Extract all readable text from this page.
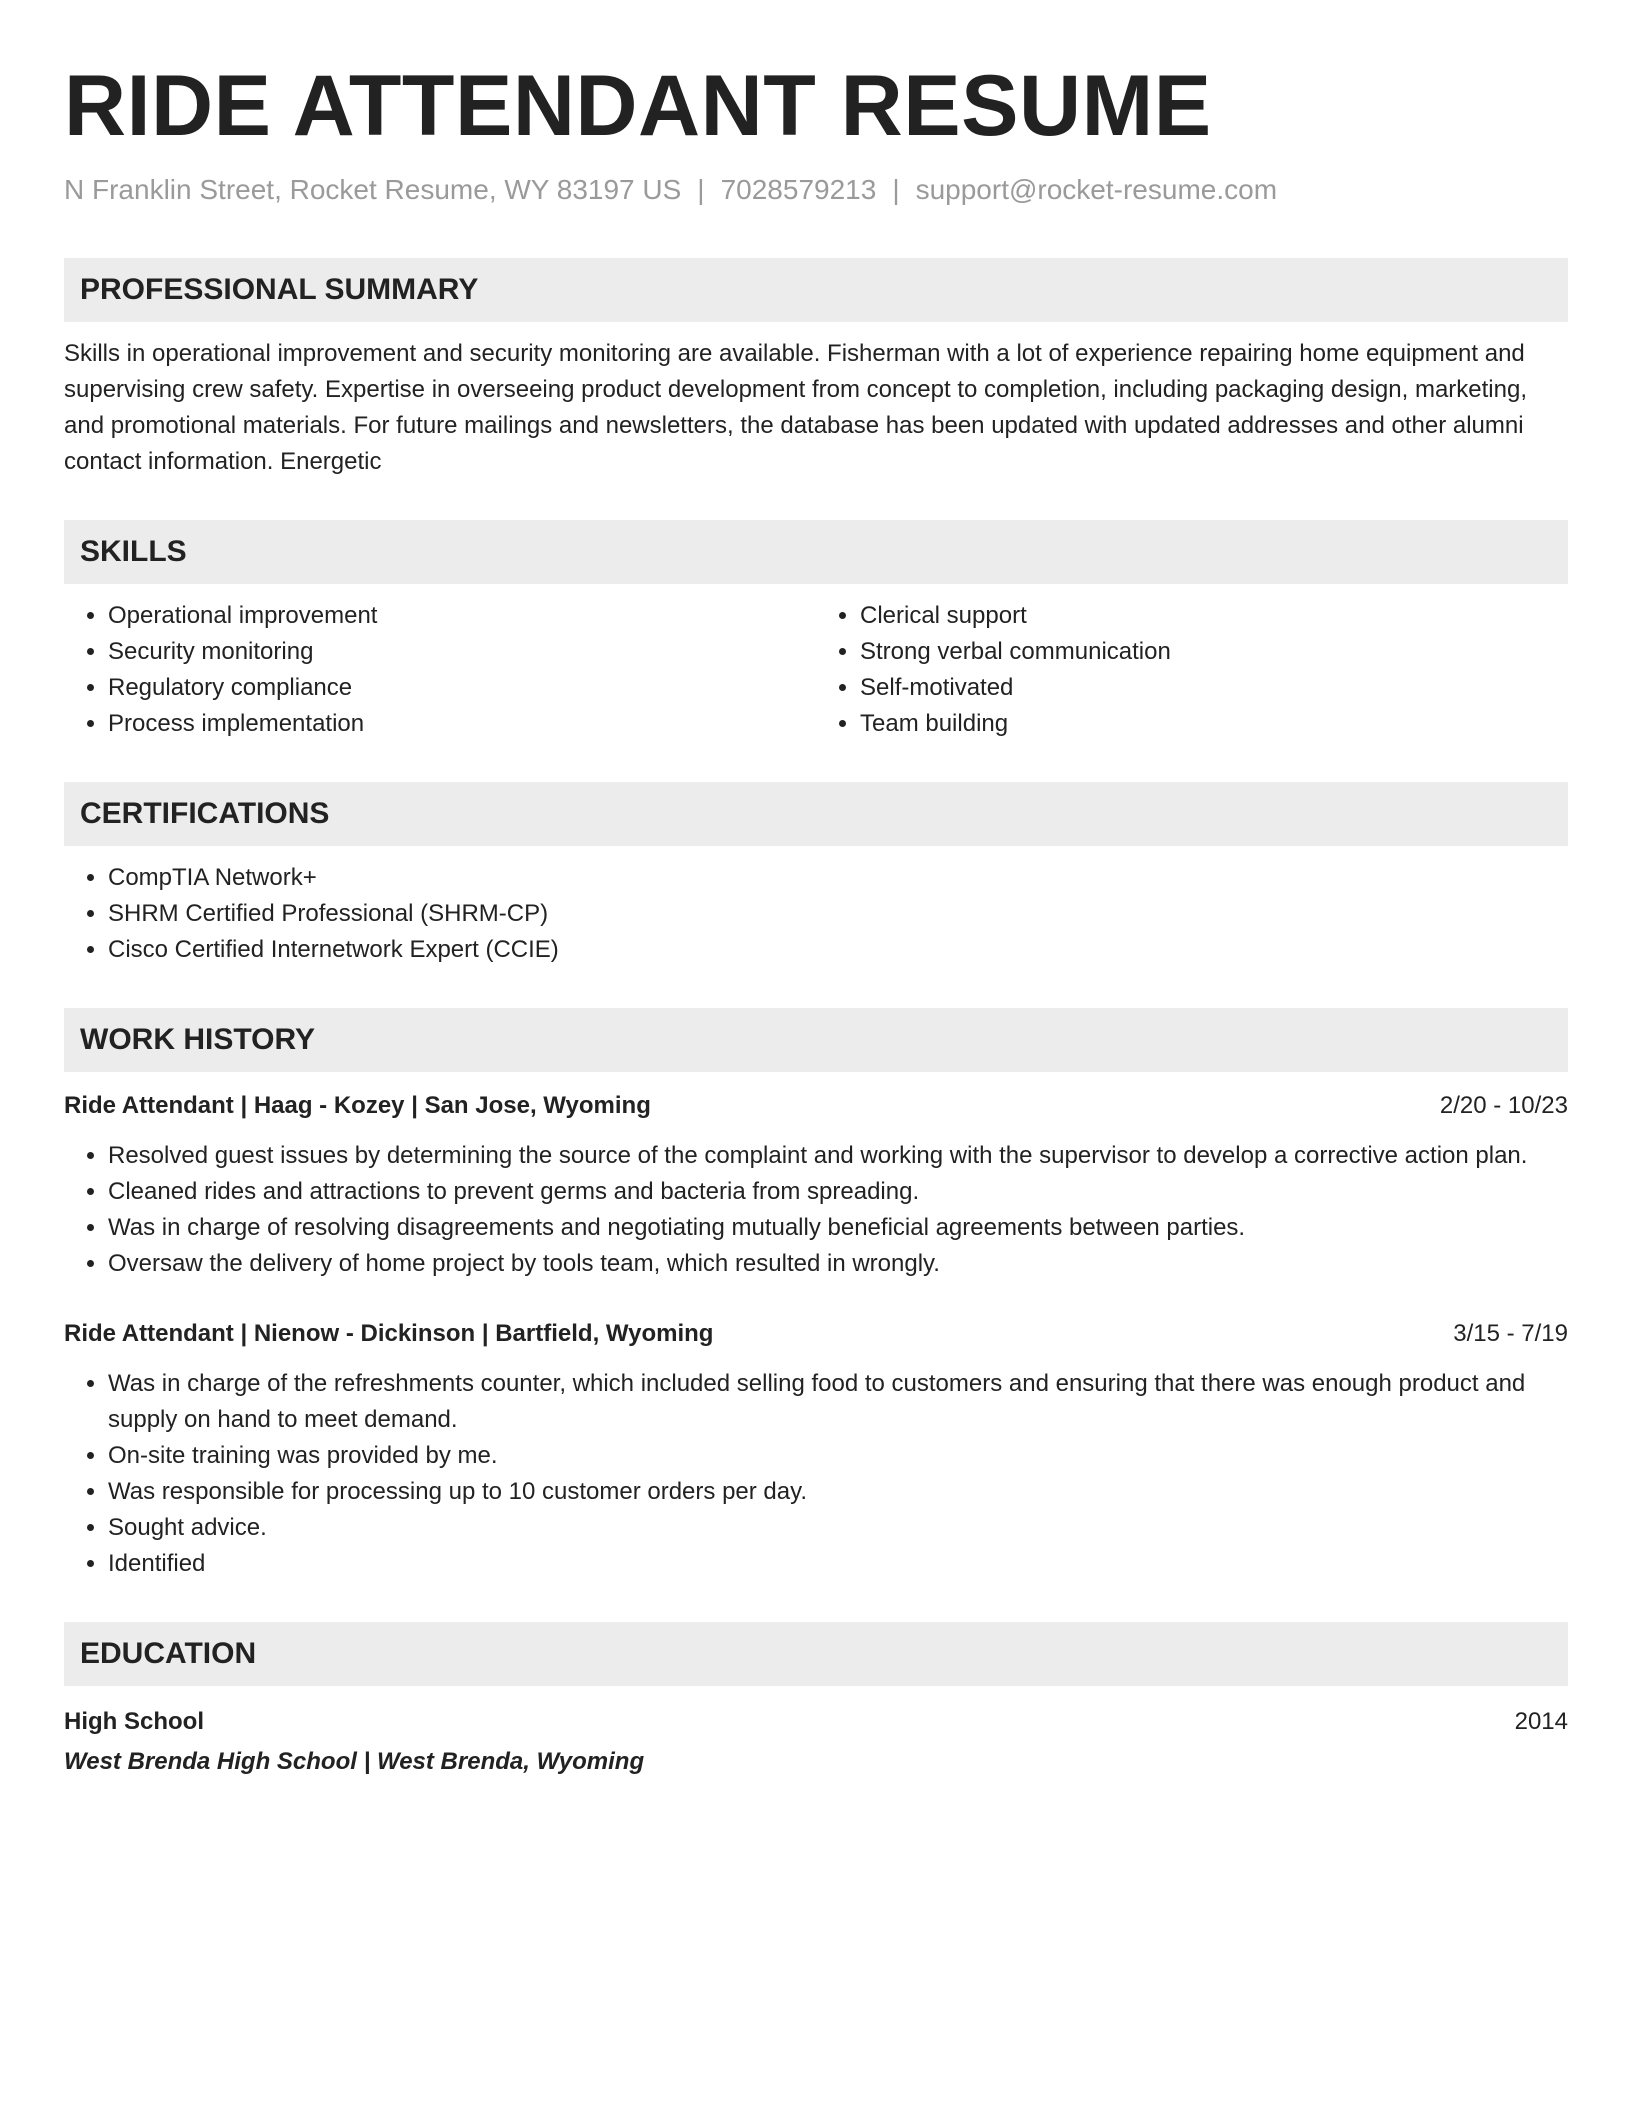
RIDE ATTENDANT RESUME
N Franklin Street, Rocket Resume, WY 83197 US | 7028579213 | support@rocket-resume.com
PROFESSIONAL SUMMARY

Skills in operational improvement and security monitoring are available. Fisherman with a lot of experience repairing home equipment and supervising crew safety. Expertise in overseeing product development from concept to completion, including packaging design, marketing, and promotional materials. For future mailings and newsletters, the database has been updated with updated addresses and other alumni contact information. Energetic

SKILLS
• Operational improvement
• Security monitoring
• Regulatory compliance
• Process implementation
• Clerical support
• Strong verbal communication
• Self-motivated
• Team building
CERTIFICATIONS
• CompTIA Network+
• SHRM Certified Professional (SHRM-CP)
• Cisco Certified Internetwork Expert (CCIE)
WORK HISTORY
Ride Attendant | Haag - Kozey | San Jose, Wyoming	2/20 - 10/23
• Resolved guest issues by determining the source of the complaint and working with the supervisor to develop a corrective action plan.
• Cleaned rides and attractions to prevent germs and bacteria from spreading.
• Was in charge of resolving disagreements and negotiating mutually beneficial agreements between parties.
• Oversaw the delivery of home project by tools team, which resulted in wrongly.
Ride Attendant | Nienow - Dickinson | Bartfield, Wyoming	3/15 - 7/19
• Was in charge of the refreshments counter, which included selling food to customers and ensuring that there was enough product and supply on hand to meet demand.
• On-site training was provided by me.
• Was responsible for processing up to 10 customer orders per day.
• Sought advice.
• Identified
EDUCATION
High School	2014
West Brenda High School | West Brenda, Wyoming
